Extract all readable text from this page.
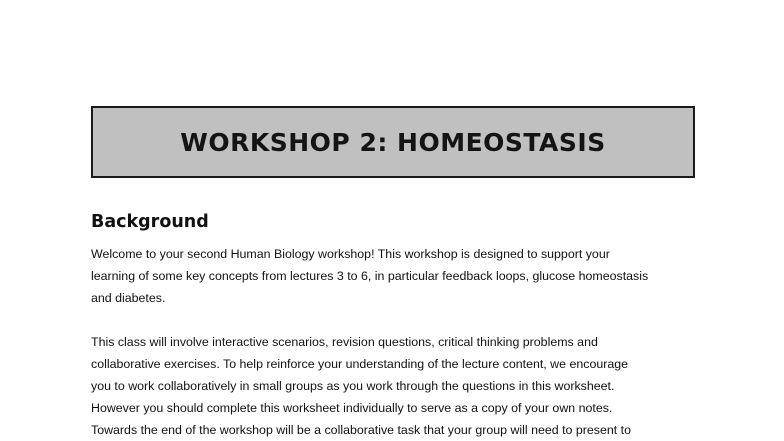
WORKSHOP 2: HOMEOSTASIS
Background

Welcome to your second Human Biology workshop! This workshop is designed to support your
learning of some key concepts from lectures 3 to 6, in particular feedback loops, glucose homeostasis
and diabetes.

This class will involve interactive scenarios, revision questions, critical thinking problems and
collaborative exercises. To help reinforce your understanding of the lecture content, we encourage
you to work collaboratively in small groups as you work through the questions in this worksheet.
However you should complete this worksheet individually to serve as a copy of your own notes.
Towards the end of the workshop will be a collaborative task that your group will need to present to
